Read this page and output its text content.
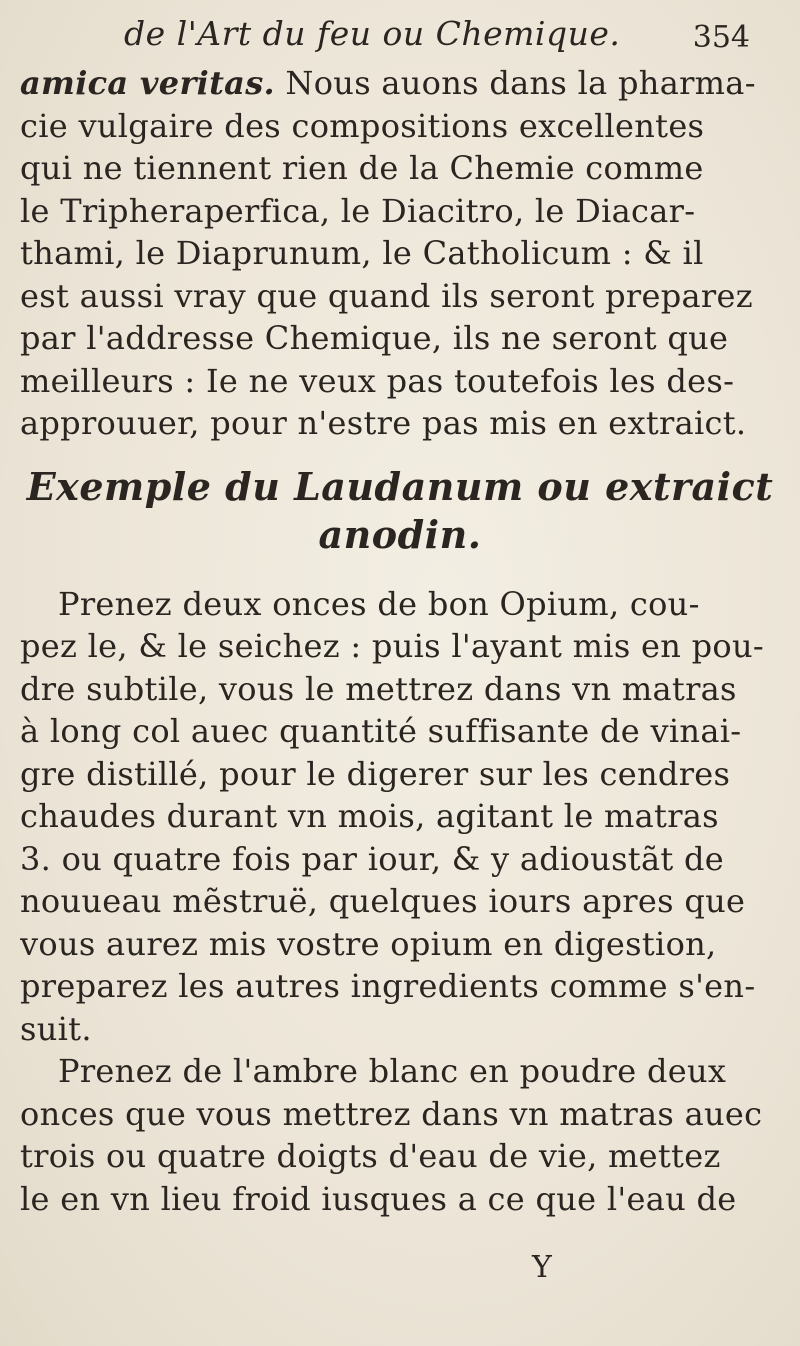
de l'Art du feu ou Chemique. 354
amica veritas. Nous auons dans la pharma-
cie vulgaire des compositions excellentes
qui ne tiennent rien de la Chemie comme
le Tripheraperfica, le Diacitro, le Diacar-
thami, le Diaprunum, le Catholicum : & il
est aussi vray que quand ils seront preparez
par l'addresse Chemique, ils ne seront que
meilleurs : Ie ne veux pas toutefois les des-
approuuer, pour n'estre pas mis en extraict.
Exemple du Laudanum ou extraict
anodin.
Prenez deux onces de bon Opium, cou-
pez le, & le seichez : puis l'ayant mis en pou-
dre subtile, vous le mettrez dans vn matras
à long col auec quantité suffisante de vinai-
gre distillé, pour le digerer sur les cendres
chaudes durant vn mois, agitant le matras
3. ou quatre fois par iour, & y adioustãt de
nouueau mẽstruë, quelques iours apres que
vous aurez mis vostre opium en digestion,
preparez les autres ingredients comme s'en-
suit.
Prenez de l'ambre blanc en poudre deux
onces que vous mettrez dans vn matras auec
trois ou quatre doigts d'eau de vie, mettez
le en vn lieu froid iusques a ce que l'eau de
Y
